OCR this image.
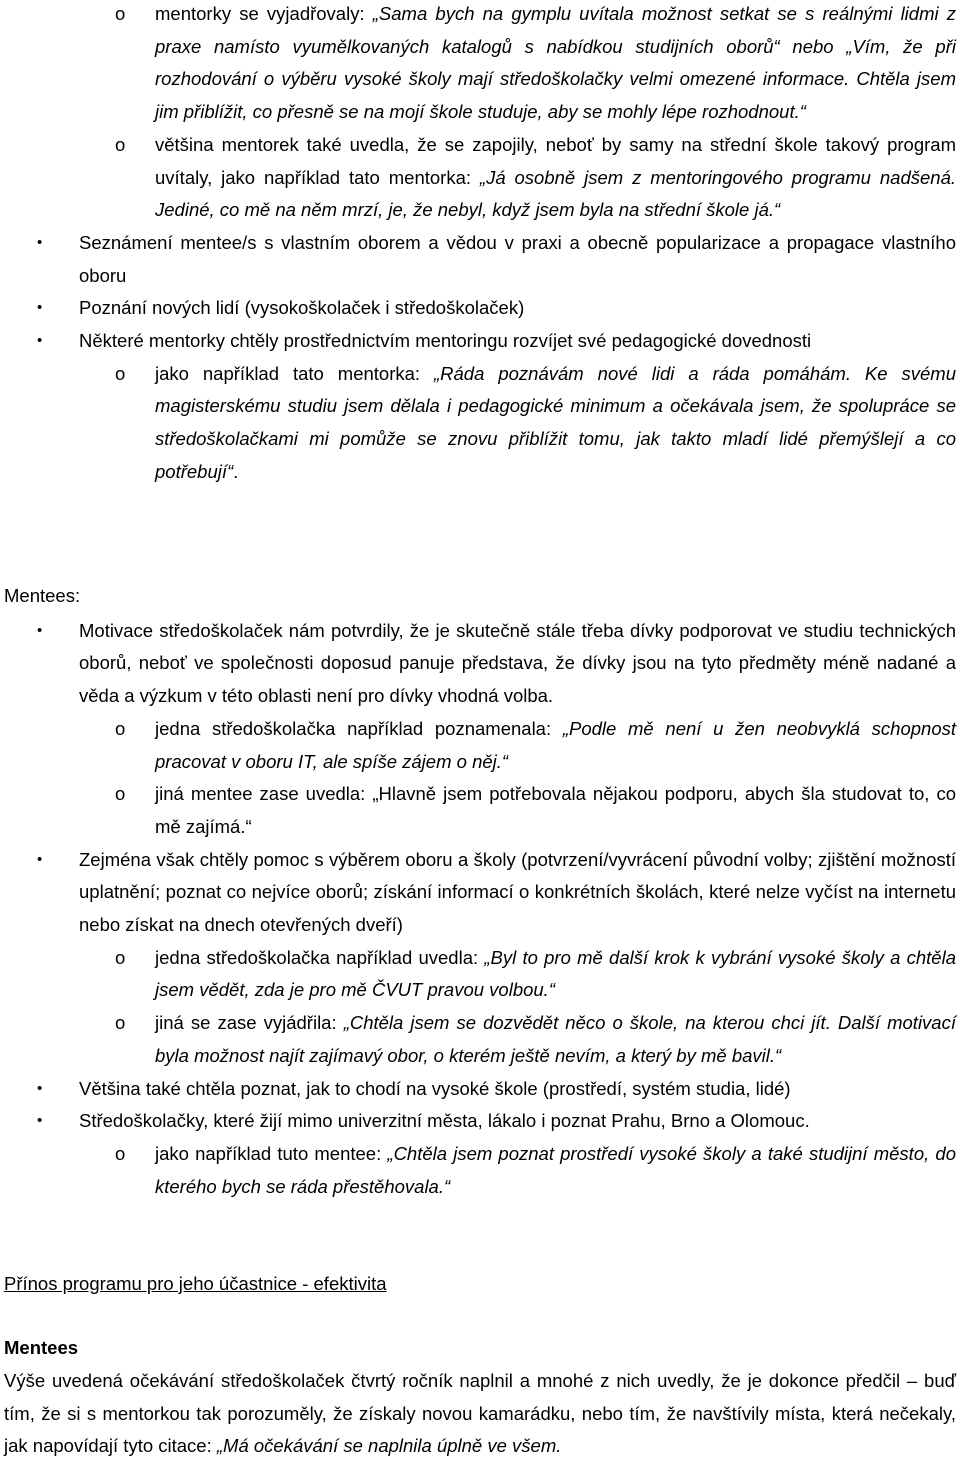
o mentorky se vyjadřovaly: „Sama bych na gymplu uvítala možnost setkat se s reálnými lidmi z praxe namísto vyumělkovaných katalogů s nabídkou studijních oborů“ nebo „Vím, že při rozhodování o výběru vysoké školy mají středoškolačky velmi omezené informace. Chtěla jsem jim přiblížit, co přesně se na mojí škole studuje, aby se mohly lépe rozhodnout.“
o většina mentorek také uvedla, že se zapojily, neboť by samy na střední škole takový program uvítaly, jako například tato mentorka: „Já osobně jsem z mentoringového programu nadšená. Jediné, co mě na něm mrzí, je, že nebyl, když jsem byla na střední škole já.“
• Seznámení mentee/s s vlastním oborem a vědou v praxi a obecně popularizace a propagace vlastního oboru
• Poznání nových lidí (vysokoškolaček i středoškolaček)
• Některé mentorky chtěly prostřednictvím mentoringu rozvíjet své pedagogické dovednosti
o jako například tato mentorka: „Ráda poznávám nové lidi a ráda pomáhám. Ke svému magisterskému studiu jsem dělala i pedagogické minimum a očekávala jsem, že spolupráce se středoškolačkami mi pomůže se znovu přiblížit tomu, jak takto mladí lidé přemýšlejí a co potřebují“.
Mentees:
• Motivace středoškolaček nám potvrdily, že je skutečně stále třeba dívky podporovat ve studiu technických oborů, neboť ve společnosti doposud panuje představa, že dívky jsou na tyto předměty méně nadané a věda a výzkum v této oblasti není pro dívky vhodná volba.
o jedna středoškolačka například poznamenala: „Podle mě není u žen neobvyklá schopnost pracovat v oboru IT, ale spíše zájem o něj.“
o jiná mentee zase uvedla: „Hlavně jsem potřebovala nějakou podporu, abych šla studovat to, co mě zajímá.“
• Zejména však chtěly pomoc s výběrem oboru a školy (potvrzení/vyvrácení původní volby; zjištění možností uplatnění; poznat co nejvíce oborů; získání informací o konkrétních školách, které nelze vyčíst na internetu nebo získat na dnech otevřených dveří)
o jedna středoškolačka například uvedla: „Byl to pro mě další krok k vybrání vysoké školy a chtěla jsem vědět, zda je pro mě ČVUT pravou volbou.“
o jiná se zase vyjádřila: „Chtěla jsem se dozvědět něco o škole, na kterou chci jít. Další motivací byla možnost najít zajímavý obor, o kterém ještě nevím, a který by mě bavil.“
• Většina také chtěla poznat, jak to chodí na vysoké škole (prostředí, systém studia, lidé)
• Středoškolačky, které žijí mimo univerzitní města, lákalo i poznat Prahu, Brno a Olomouc.
o jako například tuto mentee: „Chtěla jsem poznat prostředí vysoké školy a také studijní město, do kterého bych se ráda přestěhovala.“
Přínos programu pro jeho účastnice - efektivita
Mentees
Výše uvedená očekávání středoškolaček čtvrtý ročník naplnil a mnohé z nich uvedly, že je dokonce předčil – buď tím, že si s mentorkou tak porozuměly, že získaly novou kamarádku, nebo tím, že navštívily místa, která nečekaly, jak napovídají tyto citace: „Má očekávání se naplnila úplně ve všem.
